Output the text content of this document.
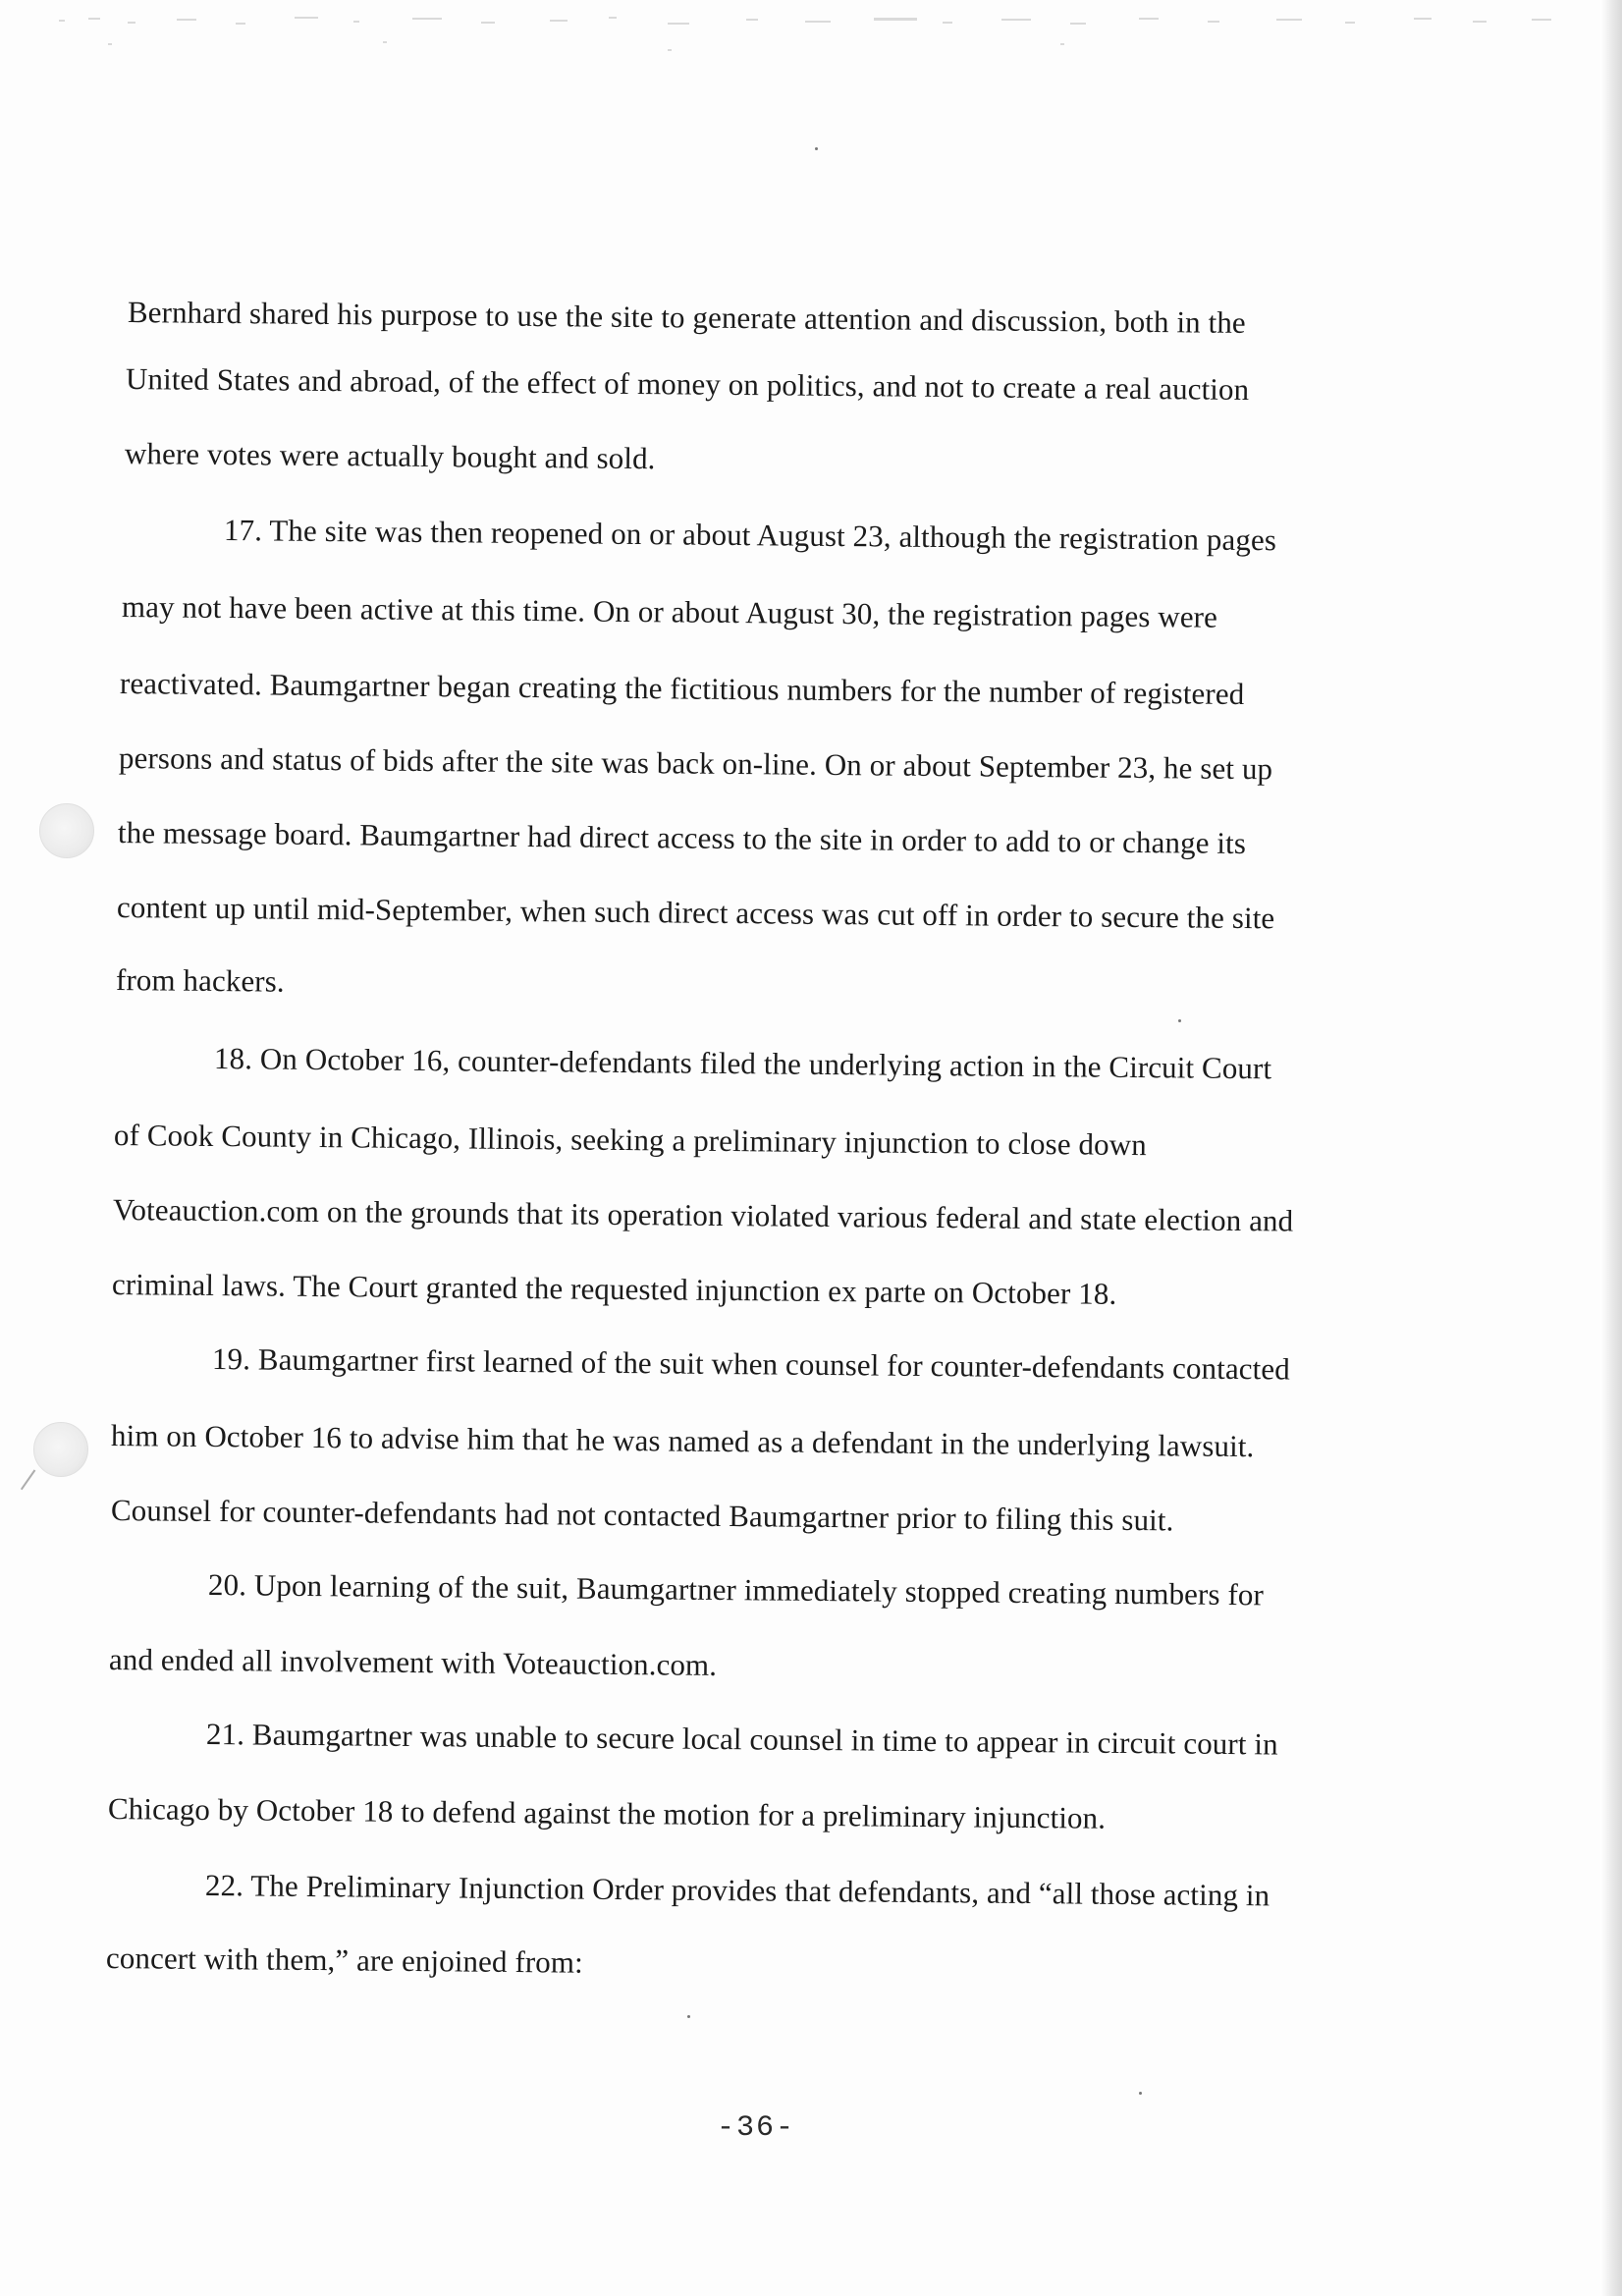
Bernhard shared his purpose to use the site to generate attention and discussion, both in the
United States and abroad, of the effect of money on politics, and not to create a real auction
where votes were actually bought and sold.
17. The site was then reopened on or about August 23, although the registration pages
may not have been active at this time. On or about August 30, the registration pages were
reactivated. Baumgartner began creating the fictitious numbers for the number of registered
persons and status of bids after the site was back on-line. On or about September 23, he set up
the message board. Baumgartner had direct access to the site in order to add to or change its
content up until mid-September, when such direct access was cut off in order to secure the site
from hackers.
18. On October 16, counter-defendants filed the underlying action in the Circuit Court
of Cook County in Chicago, Illinois, seeking a preliminary injunction to close down
Voteauction.com on the grounds that its operation violated various federal and state election and
criminal laws. The Court granted the requested injunction ex parte on October 18.
19. Baumgartner first learned of the suit when counsel for counter-defendants contacted
him on October 16 to advise him that he was named as a defendant in the underlying lawsuit.
Counsel for counter-defendants had not contacted Baumgartner prior to filing this suit.
20. Upon learning of the suit, Baumgartner immediately stopped creating numbers for
and ended all involvement with Voteauction.com.
21. Baumgartner was unable to secure local counsel in time to appear in circuit court in
Chicago by October 18 to defend against the motion for a preliminary injunction.
22. The Preliminary Injunction Order provides that defendants, and “all those acting in
concert with them,” are enjoined from:
-36-
